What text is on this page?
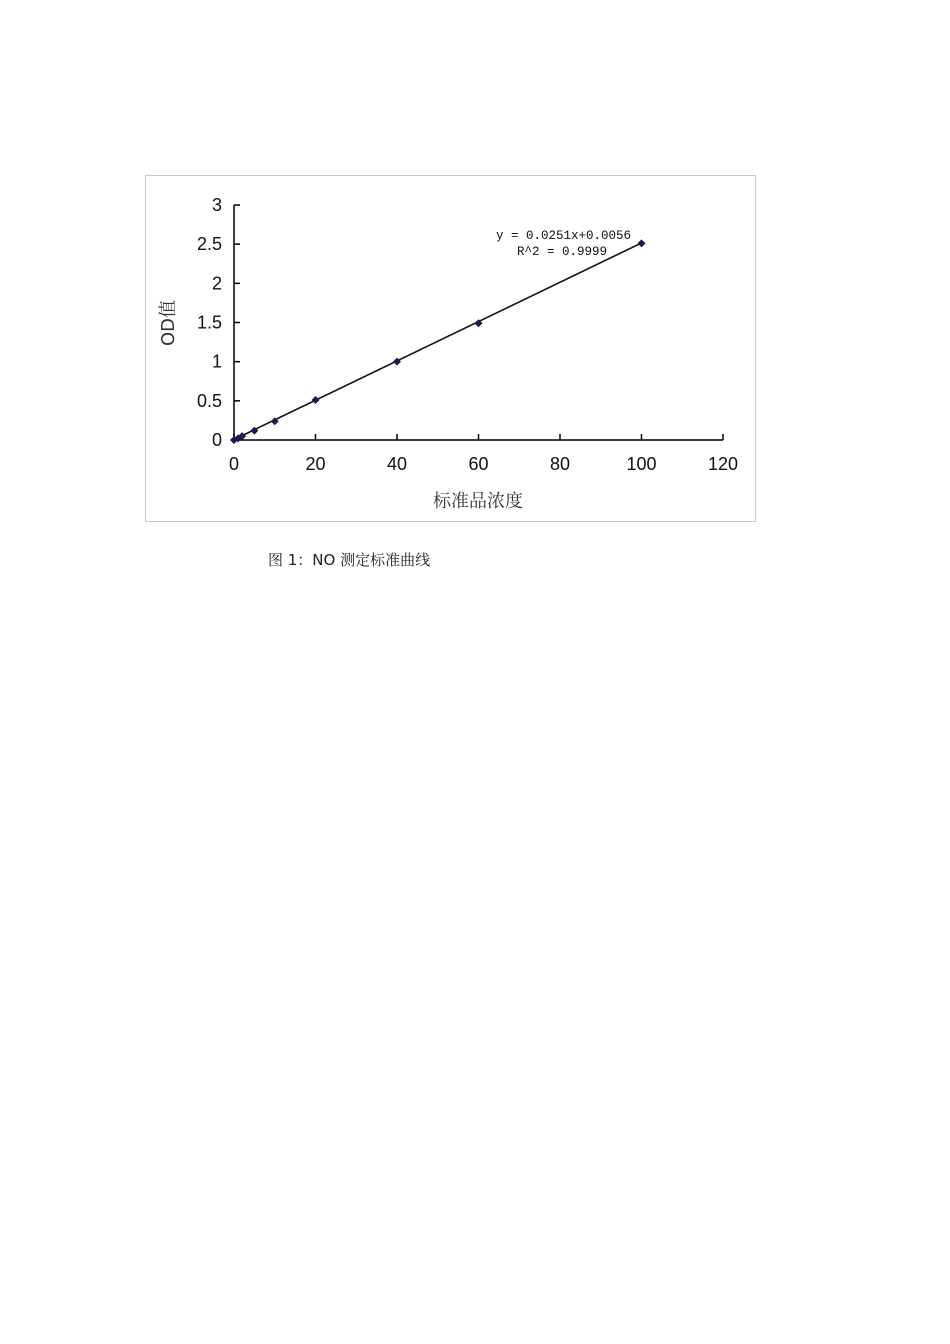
0
0.5
1
1.5
2
2.5
3
0	20	40	60	80	100	120
OD值
标准品浓度
y = 0.0251x+0.0056
R^2 = 0.9999
图 1：NO 测定标准曲线
